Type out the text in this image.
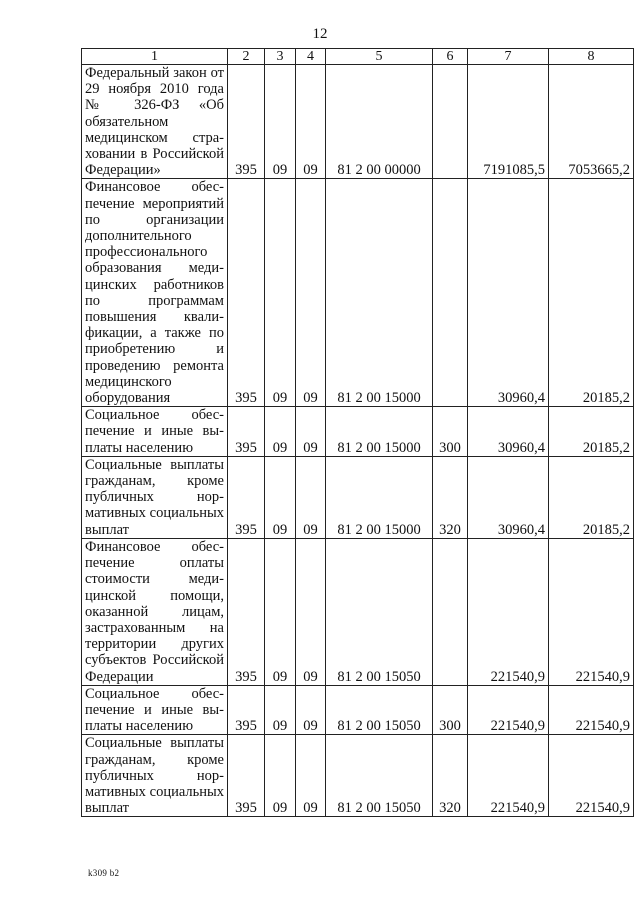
12
1	2	3	4	5	6	7	8
Федеральный закон от 29 ноября 2010 года № 326-ФЗ «Об обязательном медицинском страховании в Российской Федерации»	395	09	09	81 2 00 00000		7191085,5	7053665,2
Финансовое обеспечение мероприятий по организации дополнительного профессионального образования медицинских работников по программам повышения квалификации, а также по приобретению и проведению ремонта медицинского оборудования	395	09	09	81 2 00 15000		30960,4	20185,2
Социальное обеспечение и иные выплаты населению	395	09	09	81 2 00 15000	300	30960,4	20185,2
Социальные выплаты гражданам, кроме публичных нормативных социальных выплат	395	09	09	81 2 00 15000	320	30960,4	20185,2
Финансовое обеспечение оплаты стоимости медицинской помощи, оказанной лицам, застрахованным на территории других субъектов Российской Федерации	395	09	09	81 2 00 15050		221540,9	221540,9
Социальное обеспечение и иные выплаты населению	395	09	09	81 2 00 15050	300	221540,9	221540,9
Социальные выплаты гражданам, кроме публичных нормативных социальных выплат	395	09	09	81 2 00 15050	320	221540,9	221540,9
k309 b2
